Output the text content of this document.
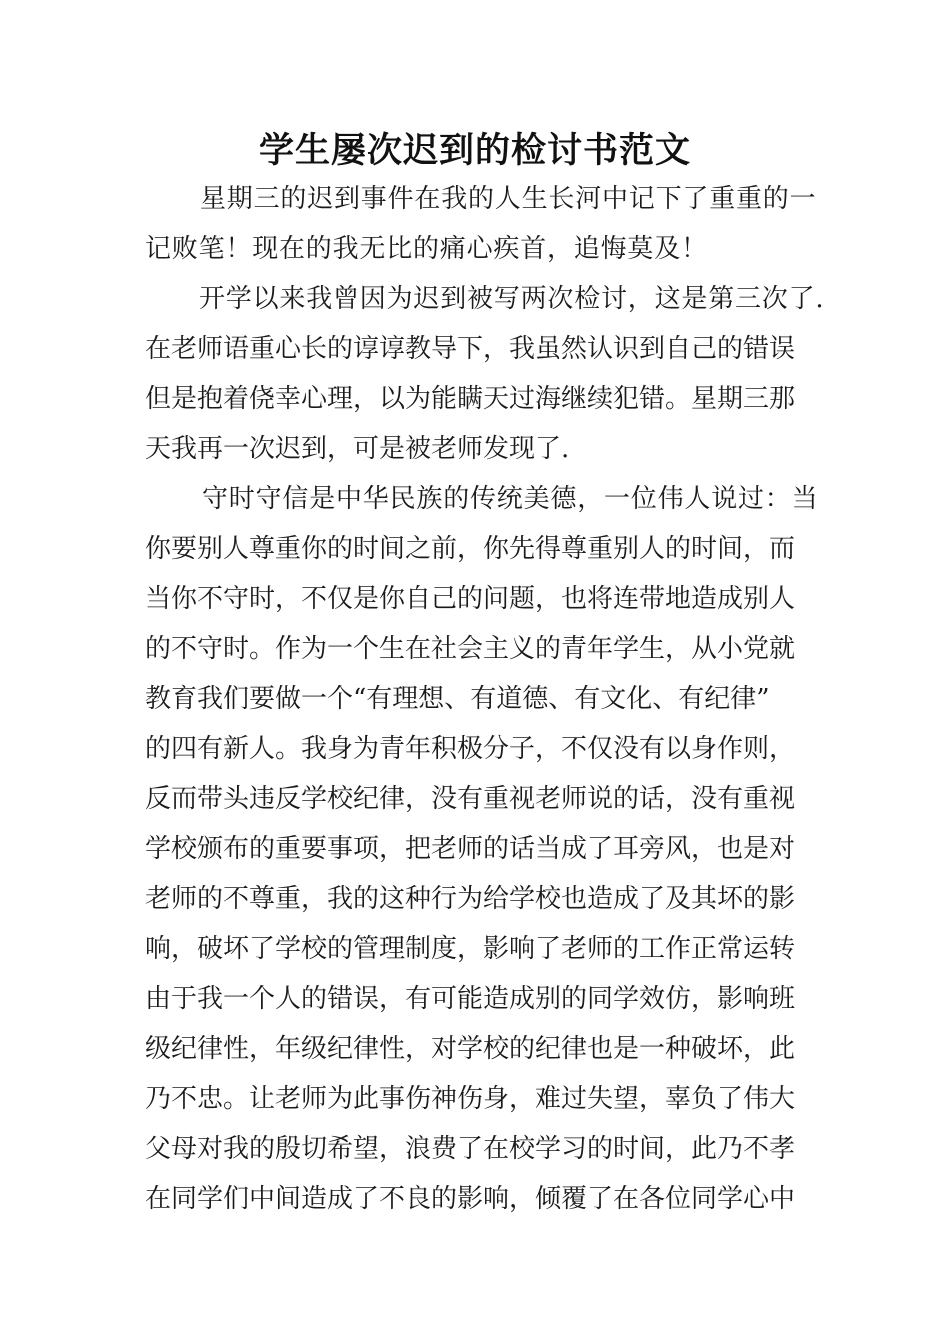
学生屡次迟到的检讨书范文

星期三的迟到事件在我的人生长河中记下了重重的一

记败笔！现在的我无比的痛心疾首，追悔莫及！

开学以来我曾因为迟到被写两次检讨，这是第三次了.

在老师语重心长的谆谆教导下，我虽然认识到自己的错误

但是抱着侥幸心理，以为能瞒天过海继续犯错。星期三那

天我再一次迟到，可是被老师发现了.

守时守信是中华民族的传统美德，一位伟人说过：当

你要别人尊重你的时间之前，你先得尊重别人的时间，而

当你不守时，不仅是你自己的问题，也将连带地造成别人

的不守时。作为一个生在社会主义的青年学生，从小党就

教育我们要做一个“有理想、有道德、有文化、有纪律”

的四有新人。我身为青年积极分子，不仅没有以身作则，

反而带头违反学校纪律，没有重视老师说的话，没有重视

学校颁布的重要事项，把老师的话当成了耳旁风，也是对

老师的不尊重，我的这种行为给学校也造成了及其坏的影

响，破坏了学校的管理制度，影响了老师的工作正常运转

由于我一个人的错误，有可能造成别的同学效仿，影响班

级纪律性，年级纪律性，对学校的纪律也是一种破坏，此

乃不忠。让老师为此事伤神伤身，难过失望，辜负了伟大

父母对我的殷切希望，浪费了在校学习的时间，此乃不孝

在同学们中间造成了不良的影响，倾覆了在各位同学心中
